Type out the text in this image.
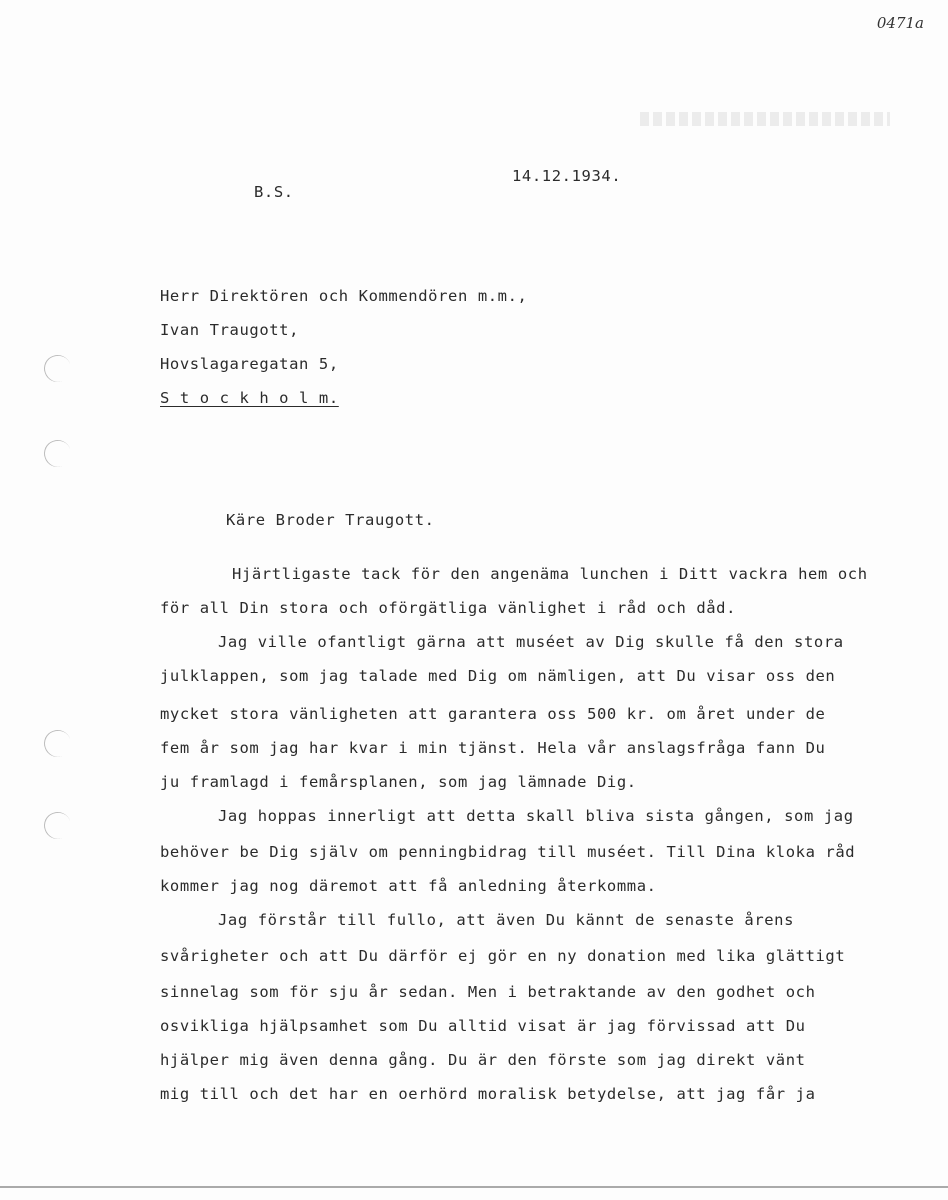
0471a
14.12.1934.
B.S.
Herr Direktören och Kommendören m.m.,
Ivan Traugott,
Hovslagaregatan 5,
S t o c k h o l m.
Käre Broder Traugott.
Hjärtligaste tack för den angenäma lunchen i Ditt vackra hem och
för all Din stora och oförgätliga vänlighet i råd och dåd.
Jag ville ofantligt gärna att muséet av Dig skulle få den stora
julklappen, som jag talade med Dig om nämligen, att Du visar oss den
mycket stora vänligheten att garantera oss 500 kr. om året under de
fem år som jag har kvar i min tjänst. Hela vår anslagsfråga fann Du
ju framlagd i femårsplanen, som jag lämnade Dig.
Jag hoppas innerligt att detta skall bliva sista gången, som jag
behöver be Dig själv om penningbidrag till muséet. Till Dina kloka råd
kommer jag nog däremot att få anledning återkomma.
Jag förstår till fullo, att även Du kännt de senaste årens
svårigheter och att Du därför ej gör en ny donation med lika glättigt
sinnelag som för sju år sedan. Men i betraktande av den godhet och
osvikliga hjälpsamhet som Du alltid visat är jag förvissad att Du
hjälper mig även denna gång. Du är den förste som jag direkt vänt
mig till och det har en oerhörd moralisk betydelse, att jag får ja
